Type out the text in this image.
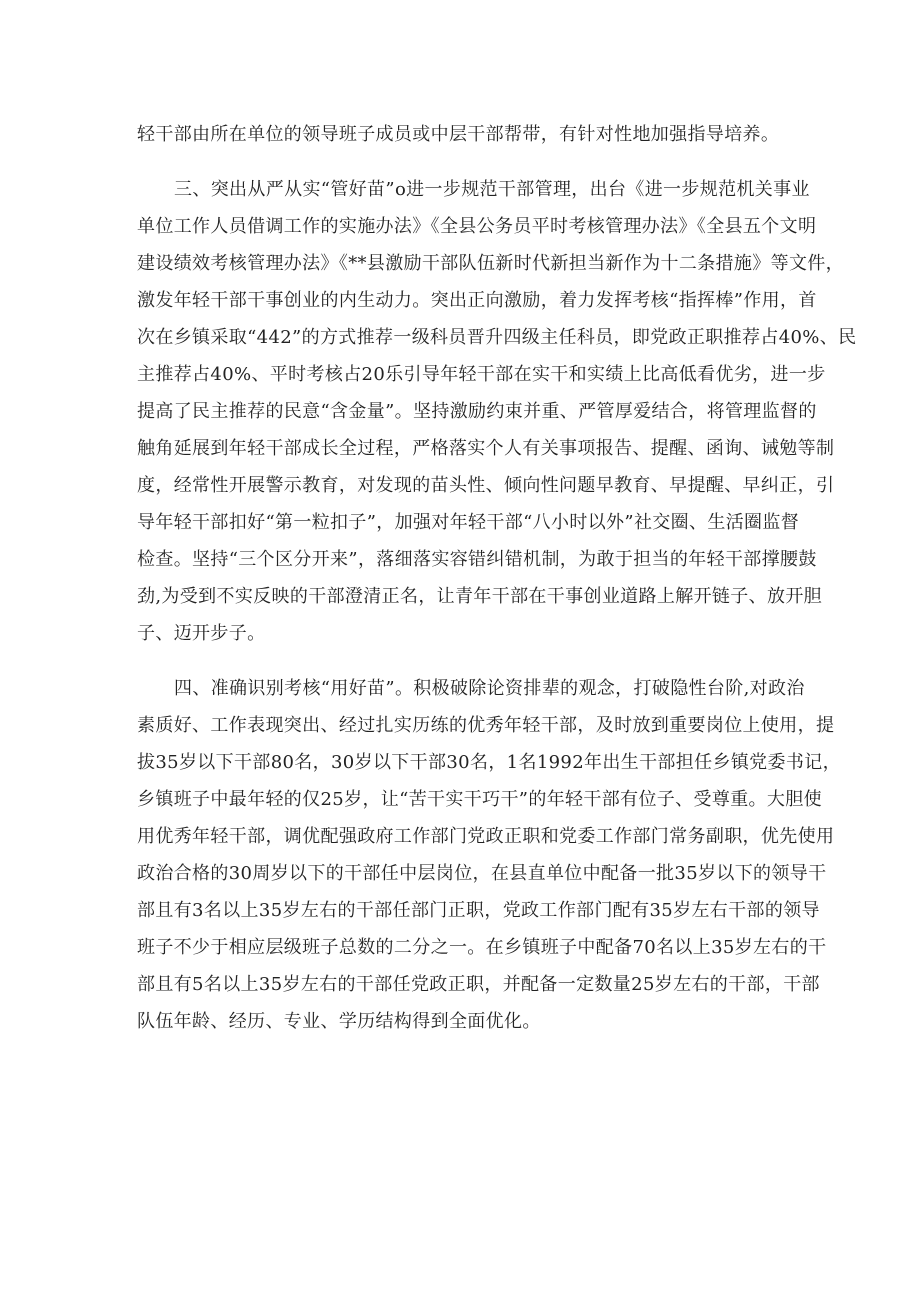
轻干部由所在单位的领导班子成员或中层干部帮带，有针对性地加强指导培养。
三、突出从严从实“管好苗”o进一步规范干部管理，出台《进一步规范机关事业
单位工作人员借调工作的实施办法》《全县公务员平时考核管理办法》《全县五个文明
建设绩效考核管理办法》《**县激励干部队伍新时代新担当新作为十二条措施》等文件，
激发年轻干部干事创业的内生动力。突出正向激励，着力发挥考核“指挥棒”作用，首
次在乡镇采取“442”的方式推荐一级科员晋升四级主任科员，即党政正职推荐占40%、民
主推荐占40%、平时考核占20乐引导年轻干部在实干和实绩上比高低看优劣，进一步
提高了民主推荐的民意“含金量”。坚持激励约束并重、严管厚爱结合，将管理监督的
触角延展到年轻干部成长全过程，严格落实个人有关事项报告、提醒、函询、诫勉等制
度，经常性开展警示教育，对发现的苗头性、倾向性问题早教育、早提醒、早纠正，引
导年轻干部扣好“第一粒扣子”，加强对年轻干部“八小时以外”社交圈、生活圈监督
检查。坚持“三个区分开来”，落细落实容错纠错机制，为敢于担当的年轻干部撑腰鼓
劲,为受到不实反映的干部澄清正名，让青年干部在干事创业道路上解开链子、放开胆
子、迈开步子。
四、准确识别考核“用好苗”。积极破除论资排辈的观念，打破隐性台阶,对政治
素质好、工作表现突出、经过扎实历练的优秀年轻干部，及时放到重要岗位上使用，提
拔35岁以下干部80名，30岁以下干部30名，1名1992年出生干部担任乡镇党委书记，
乡镇班子中最年轻的仅25岁，让“苦干实干巧干”的年轻干部有位子、受尊重。大胆使
用优秀年轻干部，调优配强政府工作部门党政正职和党委工作部门常务副职，优先使用
政治合格的30周岁以下的干部任中层岗位，在县直单位中配备一批35岁以下的领导干
部且有3名以上35岁左右的干部任部门正职，党政工作部门配有35岁左右干部的领导
班子不少于相应层级班子总数的二分之一。在乡镇班子中配备70名以上35岁左右的干
部且有5名以上35岁左右的干部任党政正职，并配备一定数量25岁左右的干部，干部
队伍年龄、经历、专业、学历结构得到全面优化。
